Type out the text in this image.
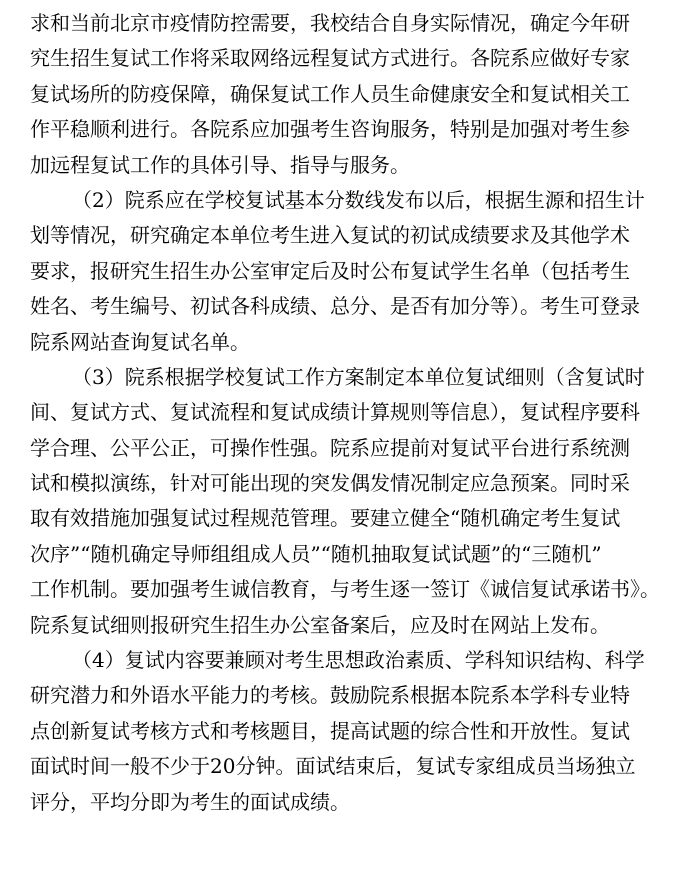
求和当前北京市疫情防控需要，我校结合自身实际情况，确定今年研
究生招生复试工作将采取网络远程复试方式进行。各院系应做好专家
复试场所的防疫保障，确保复试工作人员生命健康安全和复试相关工
作平稳顺利进行。各院系应加强考生咨询服务，特别是加强对考生参
加远程复试工作的具体引导、指导与服务。
（2）院系应在学校复试基本分数线发布以后，根据生源和招生计
划等情况，研究确定本单位考生进入复试的初试成绩要求及其他学术
要求，报研究生招生办公室审定后及时公布复试学生名单（包括考生
姓名、考生编号、初试各科成绩、总分、是否有加分等）。考生可登录
院系网站查询复试名单。
（3）院系根据学校复试工作方案制定本单位复试细则（含复试时
间、复试方式、复试流程和复试成绩计算规则等信息），复试程序要科
学合理、公平公正，可操作性强。院系应提前对复试平台进行系统测
试和模拟演练，针对可能出现的突发偶发情况制定应急预案。同时采
取有效措施加强复试过程规范管理。要建立健全“随机确定考生复试
次序”“随机确定导师组组成人员”“随机抽取复试试题”的“三随机”
工作机制。要加强考生诚信教育，与考生逐一签订《诚信复试承诺书》。
院系复试细则报研究生招生办公室备案后，应及时在网站上发布。
（4）复试内容要兼顾对考生思想政治素质、学科知识结构、科学
研究潜力和外语水平能力的考核。鼓励院系根据本院系本学科专业特
点创新复试考核方式和考核题目，提高试题的综合性和开放性。复试
面试时间一般不少于20分钟。面试结束后，复试专家组成员当场独立
评分，平均分即为考生的面试成绩。
